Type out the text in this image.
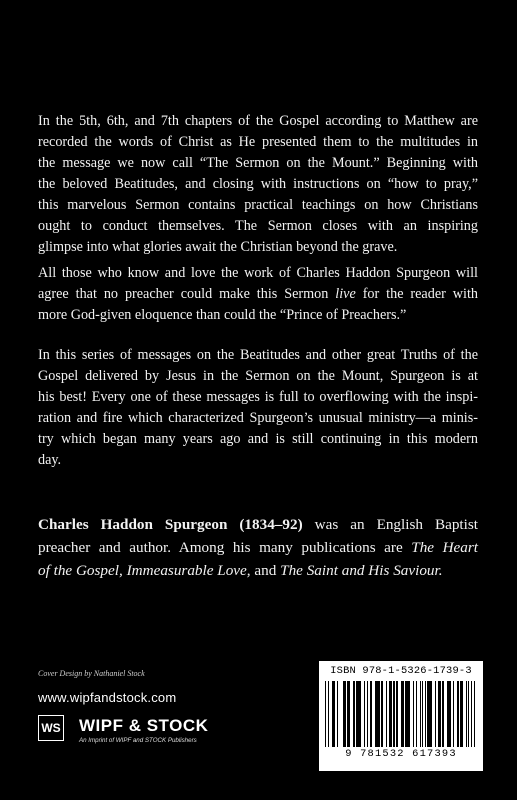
In the 5th, 6th, and 7th chapters of the Gospel according to Matthew are
recorded the words of Christ as He presented them to the multitudes in
the message we now call “The Sermon on the Mount.” Beginning with
the beloved Beatitudes, and closing with instructions on “how to pray,”
this marvelous Sermon contains practical teachings on how Christians
ought to conduct themselves. The Sermon closes with an inspiring
glimpse into what glories await the Christian beyond the grave.
All those who know and love the work of Charles Haddon Spurgeon will
agree that no preacher could make this Sermon live for the reader with
more God-given eloquence than could the “Prince of Preachers.”
In this series of messages on the Beatitudes and other great Truths of the
Gospel delivered by Jesus in the Sermon on the Mount, Spurgeon is at
his best! Every one of these messages is full to overflowing with the inspi-
ration and fire which characterized Spurgeon’s unusual ministry—a minis-
try which began many years ago and is still continuing in this modern
day.
Charles Haddon Spurgeon (1834–92) was an English Baptist
preacher and author. Among his many publications are The Heart
of the Gospel, Immeasurable Love, and The Saint and His Saviour.
Cover Design by Nathaniel Stock
www.wipfandstock.com
WS WIPF & STOCK
An Imprint of WIPF and STOCK Publishers
ISBN 978-1-5326-1739-3
9 781532 617393
